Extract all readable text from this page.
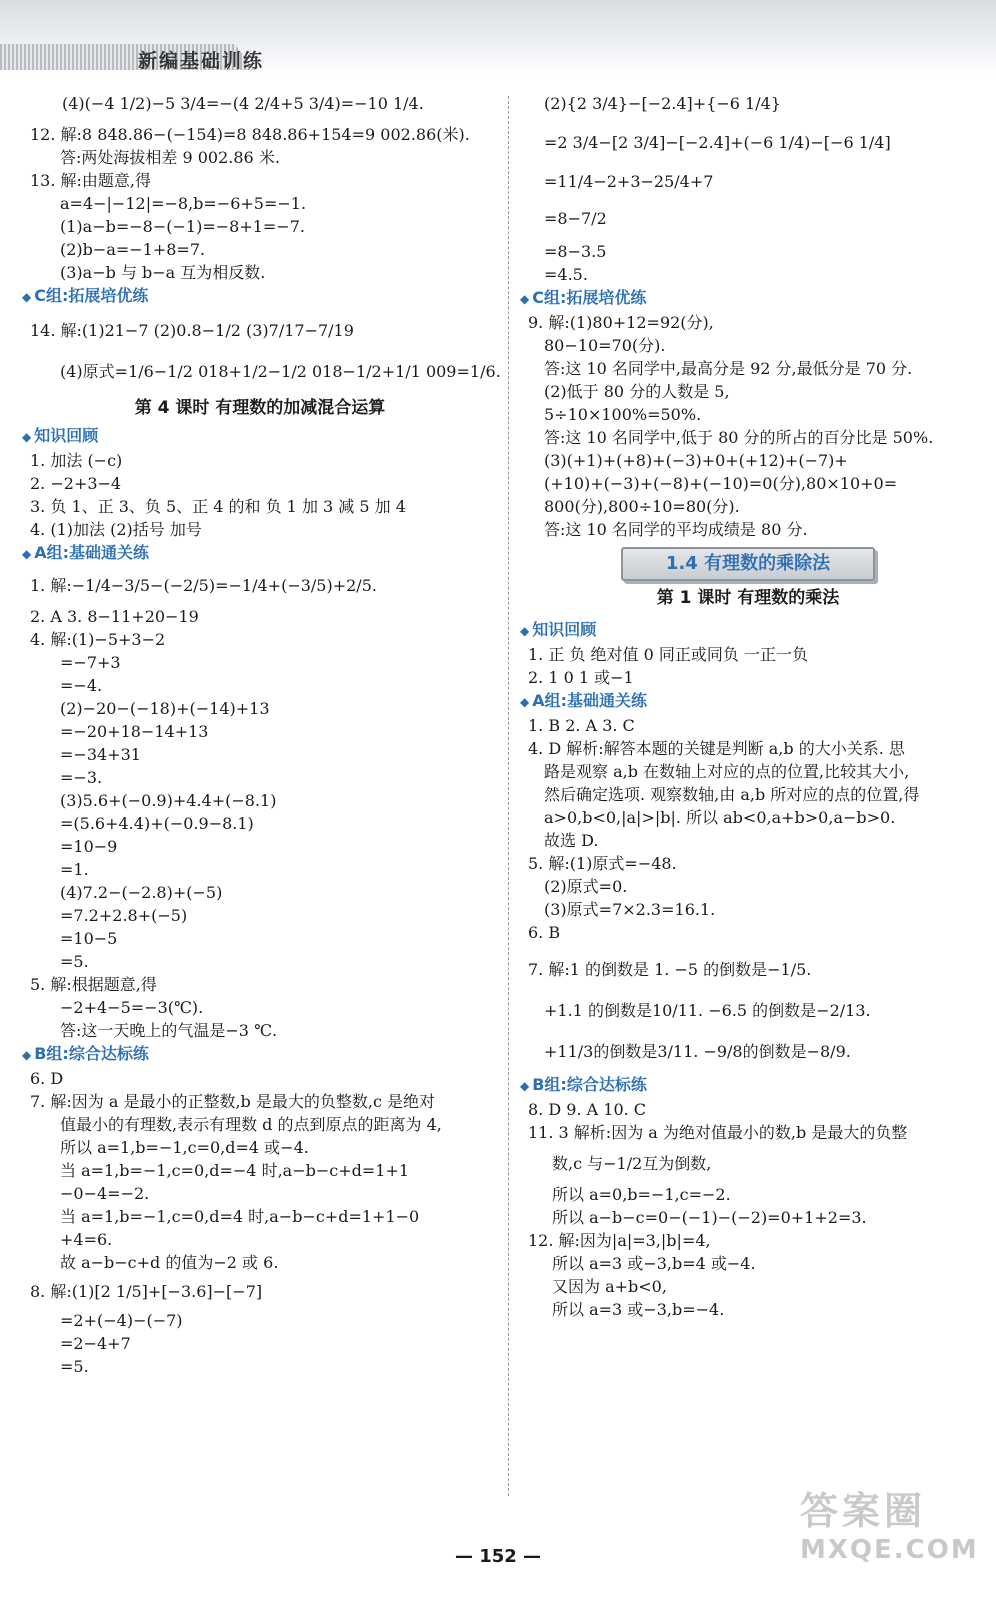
新编基础训练
(4)(−4 1/2)−5 3/4=−(4 2/4+5 3/4)=−10 1/4.
12. 解:8 848.86−(−154)=8 848.86+154=9 002.86(米).
答:两处海拔相差 9 002.86 米.
13. 解:由题意,得
a=4−|−12|=−8,b=−6+5=−1.
(1)a−b=−8−(−1)=−8+1=−7.
(2)b−a=−1+8=7.
(3)a−b 与 b−a 互为相反数.
◆ C组:拓展培优练
14. 解:(1)21−7 (2)0.8−1/2 (3)7/17−7/19
(4)原式=1/6−1/2 018+1/2−1/2 018−1/2+1/1 009=1/6.
第 4 课时 有理数的加减混合运算
◆ 知识回顾
1. 加法 (−c)
2. −2+3−4
3. 负 1、正 3、负 5、正 4 的和 负 1 加 3 减 5 加 4
4. (1)加法 (2)括号 加号
◆ A组:基础通关练
1. 解:−1/4−3/5−(−2/5)=−1/4+(−3/5)+2/5.
2. A 3. 8−11+20−19
4. 解:(1)−5+3−2
=−7+3
=−4.
(2)−20−(−18)+(−14)+13
=−20+18−14+13
=−34+31
=−3.
(3)5.6+(−0.9)+4.4+(−8.1)
=(5.6+4.4)+(−0.9−8.1)
=10−9
=1.
(4)7.2−(−2.8)+(−5)
=7.2+2.8+(−5)
=10−5
=5.
5. 解:根据题意,得
−2+4−5=−3(℃).
答:这一天晚上的气温是−3 ℃.
◆ B组:综合达标练
6. D
7. 解:因为 a 是最小的正整数,b 是最大的负整数,c 是绝对
值最小的有理数,表示有理数 d 的点到原点的距离为 4,
所以 a=1,b=−1,c=0,d=4 或−4.
当 a=1,b=−1,c=0,d=−4 时,a−b−c+d=1+1
−0−4=−2.
当 a=1,b=−1,c=0,d=4 时,a−b−c+d=1+1−0
+4=6.
故 a−b−c+d 的值为−2 或 6.
8. 解:(1)[2 1/5]+[−3.6]−[−7]
=2+(−4)−(−7)
=2−4+7
=5.
(2){2 3/4}−[−2.4]+{−6 1/4}
=2 3/4−[2 3/4]−[−2.4]+(−6 1/4)−[−6 1/4]
=11/4−2+3−25/4+7
=8−7/2
=8−3.5
=4.5.
◆ C组:拓展培优练
9. 解:(1)80+12=92(分),
80−10=70(分).
答:这 10 名同学中,最高分是 92 分,最低分是 70 分.
(2)低于 80 分的人数是 5,
5÷10×100%=50%.
答:这 10 名同学中,低于 80 分的所占的百分比是 50%.
(3)(+1)+(+8)+(−3)+0+(+12)+(−7)+
(+10)+(−3)+(−8)+(−10)=0(分),80×10+0=
800(分),800÷10=80(分).
答:这 10 名同学的平均成绩是 80 分.
1.4 有理数的乘除法
第 1 课时 有理数的乘法
◆ 知识回顾
1. 正 负 绝对值 0 同正或同负 一正一负
2. 1 0 1 或−1
◆ A组:基础通关练
1. B 2. A 3. C
4. D 解析:解答本题的关键是判断 a,b 的大小关系. 思
路是观察 a,b 在数轴上对应的点的位置,比较其大小,
然后确定选项. 观察数轴,由 a,b 所对应的点的位置,得
a>0,b<0,|a|>|b|. 所以 ab<0,a+b>0,a−b>0.
故选 D.
5. 解:(1)原式=−48.
(2)原式=0.
(3)原式=7×2.3=16.1.
6. B
7. 解:1 的倒数是 1. −5 的倒数是−1/5.
+1.1 的倒数是10/11. −6.5 的倒数是−2/13.
+11/3的倒数是3/11. −9/8的倒数是−8/9.
◆ B组:综合达标练
8. D 9. A 10. C
11. 3 解析:因为 a 为绝对值最小的数,b 是最大的负整
数,c 与−1/2互为倒数,
所以 a=0,b=−1,c=−2.
所以 a−b−c=0−(−1)−(−2)=0+1+2=3.
12. 解:因为|a|=3,|b|=4,
所以 a=3 或−3,b=4 或−4.
又因为 a+b<0,
所以 a=3 或−3,b=−4.
— 152 —
答案圈
MXQE.COM
